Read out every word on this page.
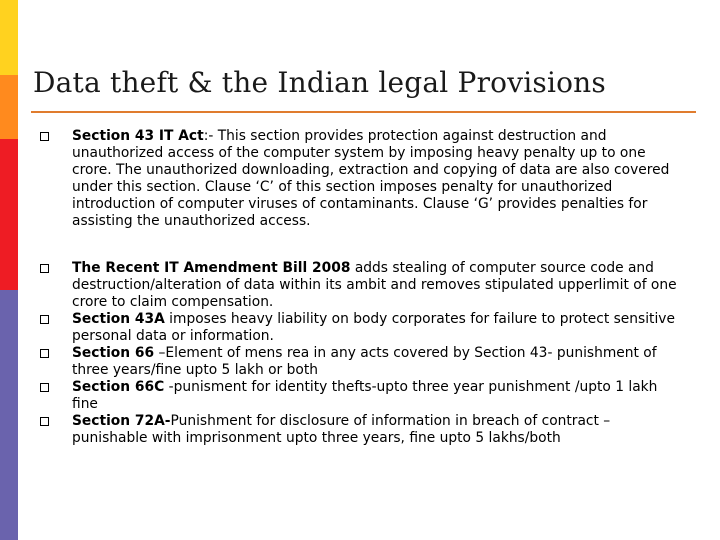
Data theft & the Indian legal Provisions
Section 43 IT Act:- This section provides protection against destruction and unauthorized access of the computer system by imposing heavy penalty up to one crore. The unauthorized downloading, extraction and copying of data are also covered under this section. Clause ‘C’ of this section imposes penalty for unauthorized introduction of computer viruses of contaminants. Clause ‘G’ provides penalties for assisting the unauthorized access.
The Recent IT Amendment Bill 2008 adds stealing of computer source code and destruction/alteration of data within its ambit and removes stipulated upperlimit of one crore to claim compensation.
Section 43A imposes heavy liability on body corporates for failure to protect sensitive personal data or information.
Section 66 –Element of mens rea in any acts covered by Section 43- punishment of three years/fine upto 5 lakh or both
Section 66C -punisment for identity thefts-upto three year punishment /upto 1 lakh fine
Section 72A-Punishment for disclosure of information in breach of contract –punishable with imprisonment upto three years, fine upto 5 lakhs/both
